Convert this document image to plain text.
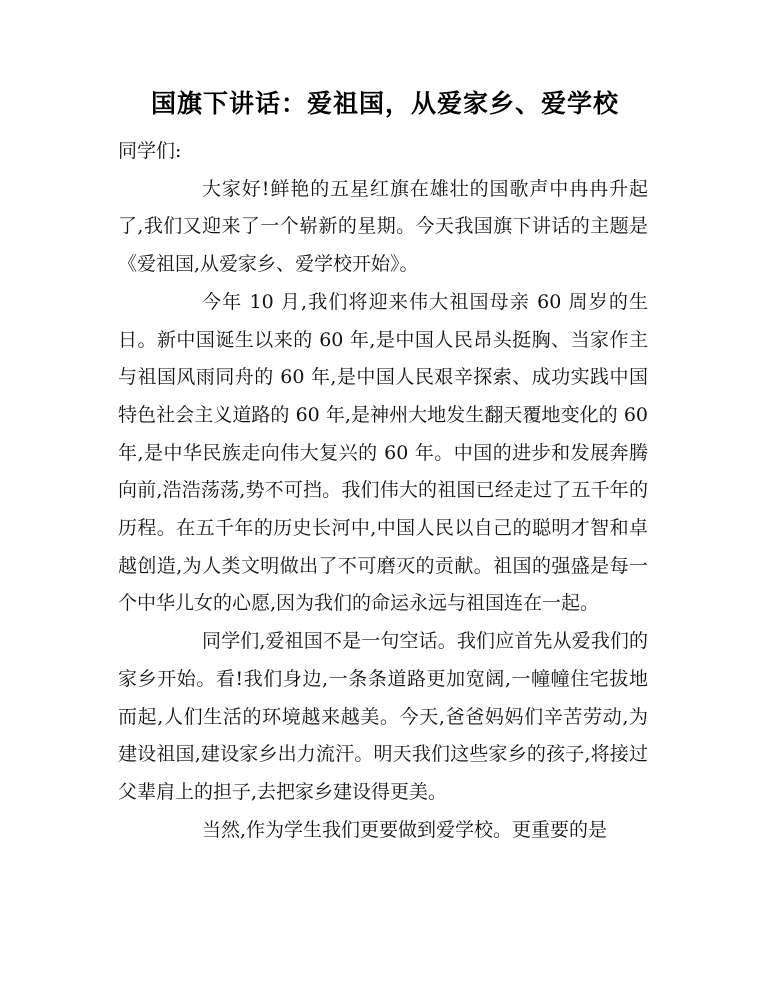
国旗下讲话：爱祖国，从爱家乡、爱学校

同学们:

大家好!鲜艳的五星红旗在雄壮的国歌声中冉冉升起了,我们又迎来了一个崭新的星期。今天我国旗下讲话的主题是《爱祖国,从爱家乡、爱学校开始》。

今年 10 月,我们将迎来伟大祖国母亲 60 周岁的生日。新中国诞生以来的 60 年,是中国人民昂头挺胸、当家作主与祖国风雨同舟的 60 年,是中国人民艰辛探索、成功实践中国特色社会主义道路的 60 年,是神州大地发生翻天覆地变化的 60 年,是中华民族走向伟大复兴的 60 年。中国的进步和发展奔腾向前,浩浩荡荡,势不可挡。我们伟大的祖国已经走过了五千年的历程。在五千年的历史长河中,中国人民以自己的聪明才智和卓越创造,为人类文明做出了不可磨灭的贡献。祖国的强盛是每一个中华儿女的心愿,因为我们的命运永远与祖国连在一起。

同学们,爱祖国不是一句空话。我们应首先从爱我们的家乡开始。看!我们身边,一条条道路更加宽阔,一幢幢住宅拔地而起,人们生活的环境越来越美。今天,爸爸妈妈们辛苦劳动,为建设祖国,建设家乡出力流汗。明天我们这些家乡的孩子,将接过父辈肩上的担子,去把家乡建设得更美。

当然,作为学生我们更要做到爱学校。更重要的是
